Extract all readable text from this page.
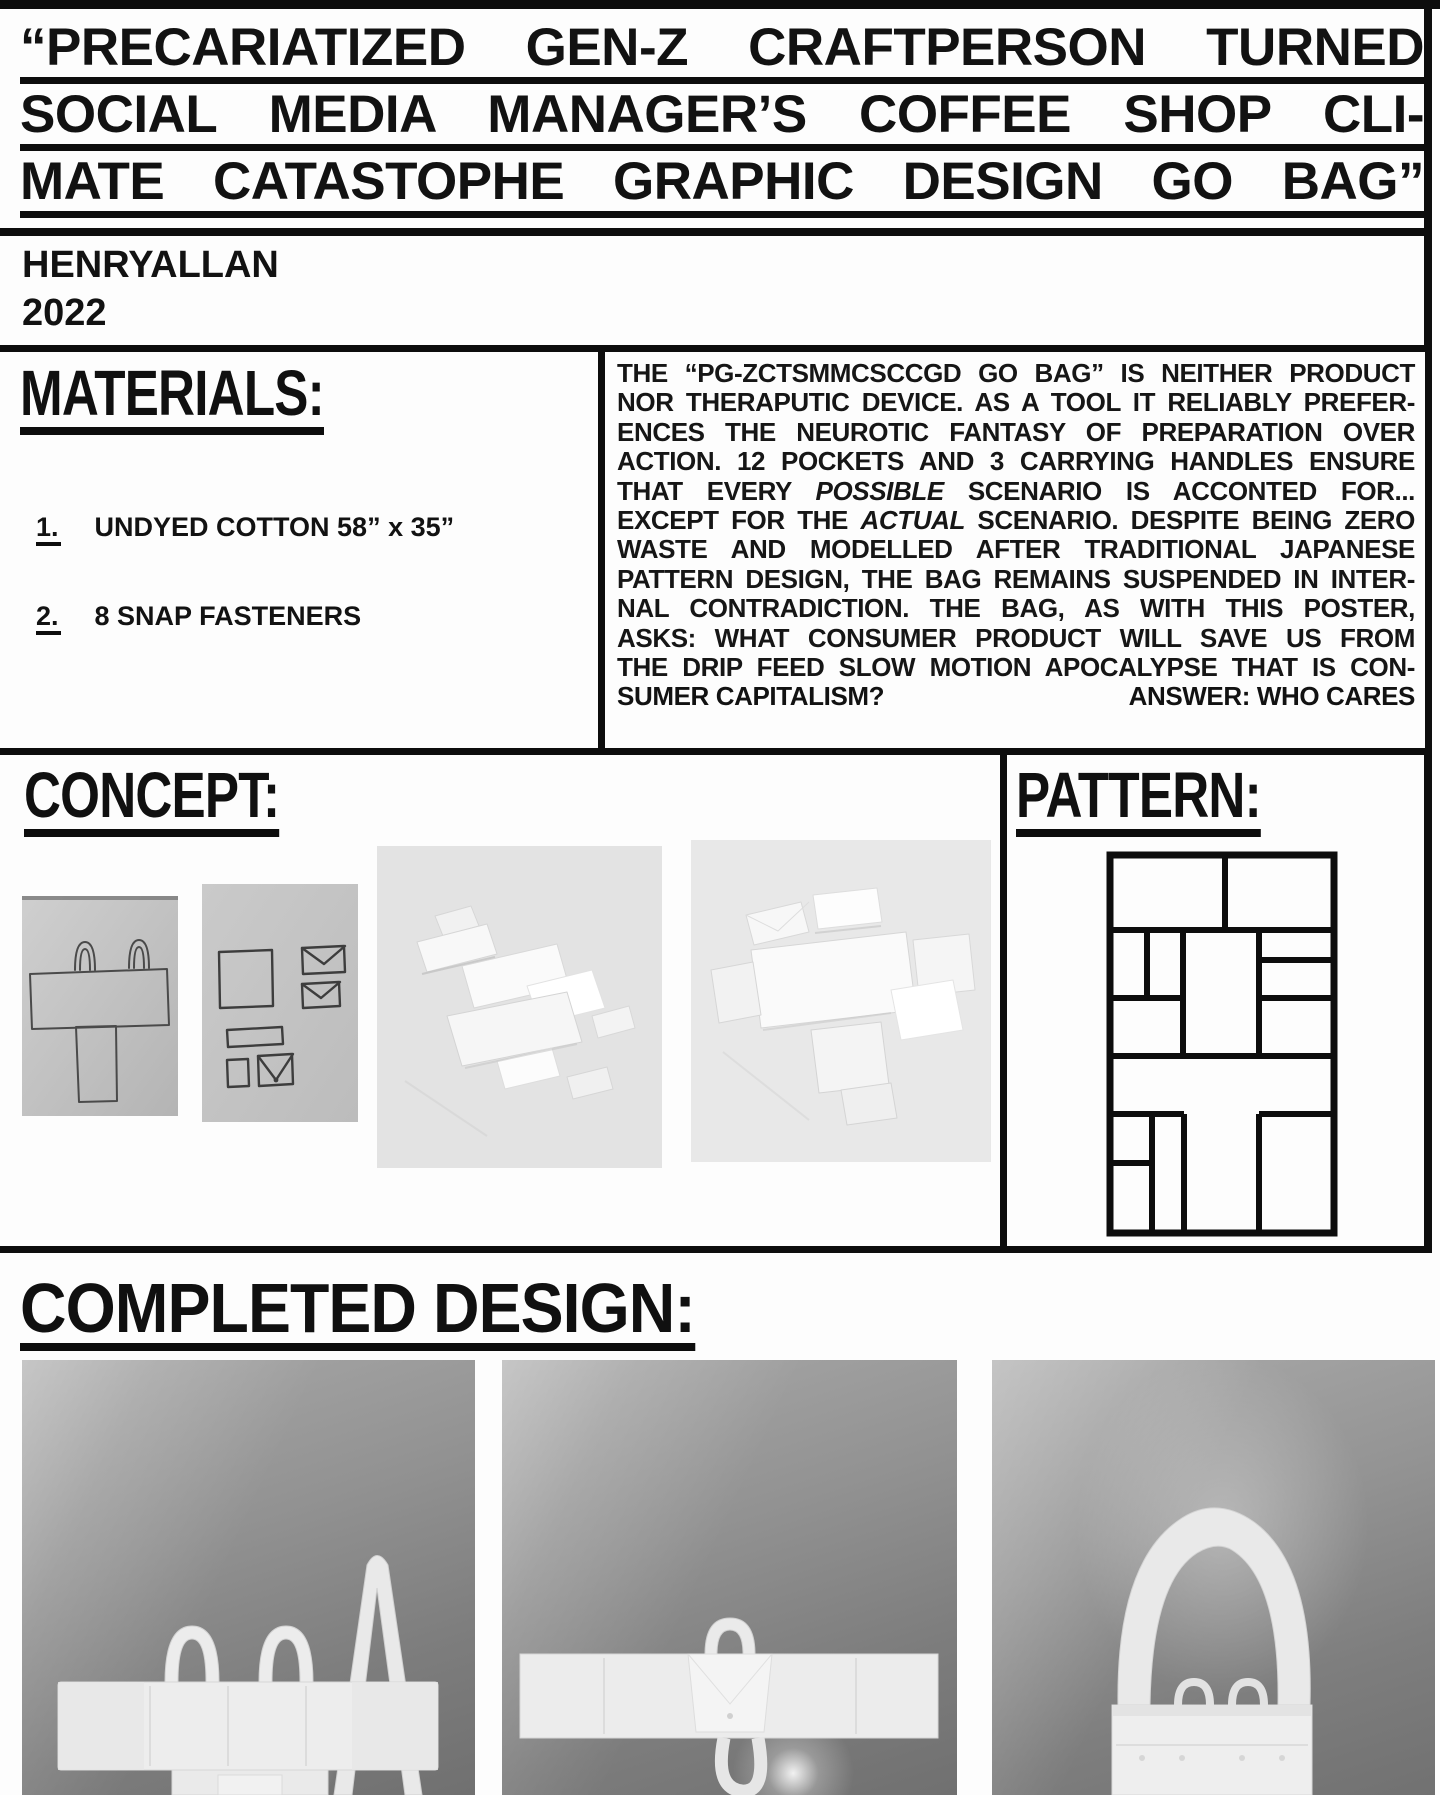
“PRECARIATIZED GEN-Z CRAFTPERSON TURNED
SOCIAL MEDIA MANAGER’S COFFEE SHOP CLI-
MATE CATASTOPHE GRAPHIC DESIGN GO BAG”
HENRYALLAN
2022
MATERIALS:
1. UNDYED COTTON 58” x 35”
2. 8 SNAP FASTENERS
THE “PG-ZCTSMMCSCCGD GO BAG” IS NEITHER PRODUCT
NOR THERAPUTIC DEVICE. AS A TOOL IT RELIABLY PREFER-
ENCES THE NEUROTIC FANTASY OF PREPARATION OVER
ACTION. 12 POCKETS AND 3 CARRYING HANDLES ENSURE
THAT EVERY POSSIBLE SCENARIO IS ACCONTED FOR...
EXCEPT FOR THE ACTUAL SCENARIO. DESPITE BEING ZERO
WASTE AND MODELLED AFTER TRADITIONAL JAPANESE
PATTERN DESIGN, THE BAG REMAINS SUSPENDED IN INTER-
NAL CONTRADICTION. THE BAG, AS WITH THIS POSTER,
ASKS: WHAT CONSUMER PRODUCT WILL SAVE US FROM
THE DRIP FEED SLOW MOTION APOCALYPSE THAT IS CON-
SUMER CAPITALISM?	ANSWER: WHO CARES
CONCEPT:	PATTERN:
COMPLETED DESIGN:
